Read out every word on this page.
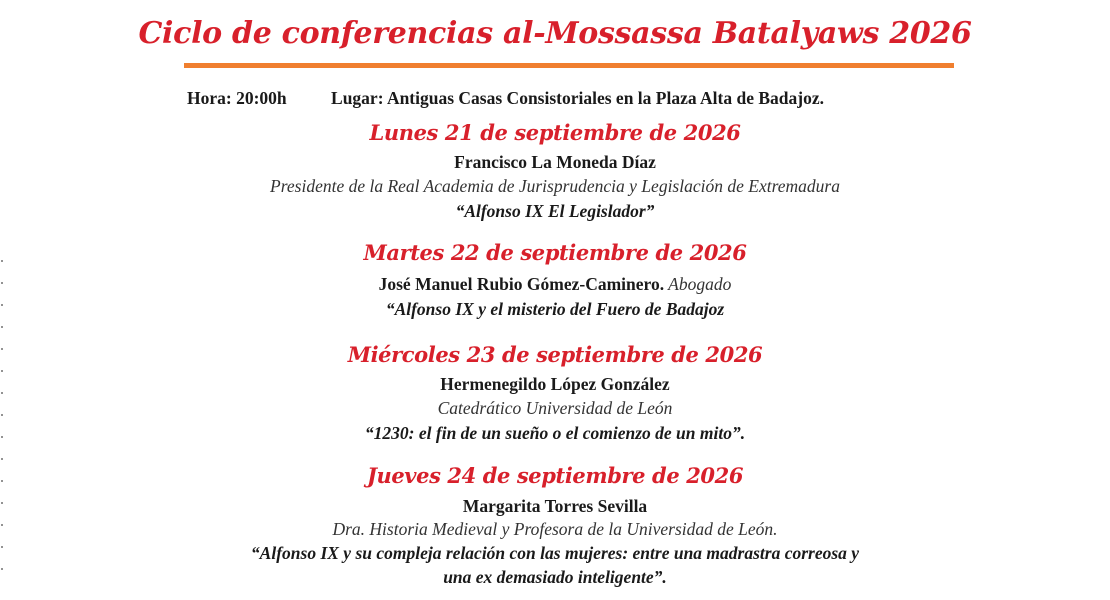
Ciclo de conferencias al-Mossassa Batalyaws 2026
Hora: 20:00h	Lugar: Antiguas Casas Consistoriales en la Plaza Alta de Badajoz.
Lunes 21 de septiembre de 2026
Francisco La Moneda Díaz
Presidente de la Real Academia de Jurisprudencia y Legislación de Extremadura
“Alfonso IX El Legislador”
Martes 22 de septiembre de 2026
José Manuel Rubio Gómez-Caminero. Abogado
“Alfonso IX y el misterio del Fuero de Badajoz
Miércoles 23 de septiembre de 2026
Hermenegildo López González
Catedrático Universidad de León
“1230: el fin de un sueño o el comienzo de un mito”.
Jueves 24 de septiembre de 2026
Margarita Torres Sevilla
Dra. Historia Medieval y Profesora de la Universidad de León.
“Alfonso IX y su compleja relación con las mujeres: entre una madrastra correosa y
una ex demasiado inteligente”.
